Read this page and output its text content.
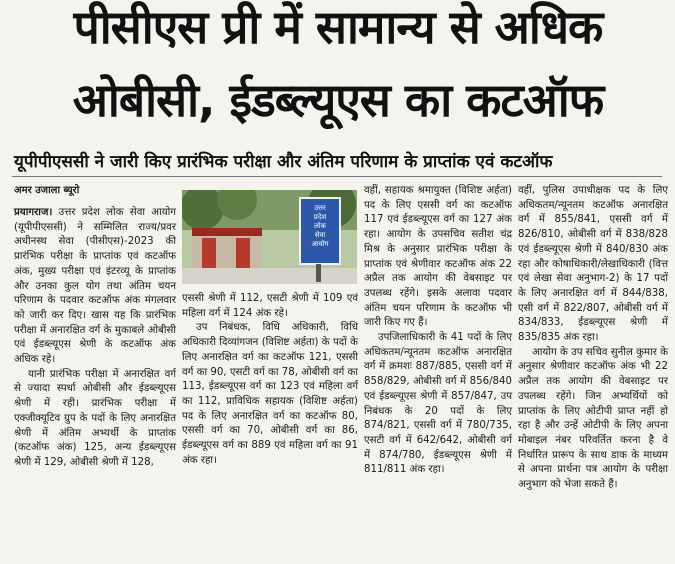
पीसीएस प्री में सामान्य से अधिक
ओबीसी, ईडब्ल्यूएस का कटऑफ
यूपीपीएससी ने जारी किए प्रारंभिक परीक्षा और अंतिम परिणाम के प्राप्तांक एवं कटऑफ
अमर उजाला ब्यूरो

प्रयागराज। उत्तर प्रदेश लोक सेवा आयोग (यूपीपीएससी) ने सम्मिलित राज्य/प्रवर अधीनस्थ सेवा (पीसीएस)-2023 की प्रारंभिक परीक्षा के प्राप्तांक एवं कटऑफ अंक, मुख्य परीक्षा एवं इंटरव्यू के प्राप्तांक और उनका कुल योग तथा अंतिम चयन परिणाम के पदवार कटऑफ अंक मंगलवार को जारी कर दिए। खास यह कि प्रारंभिक परीक्षा में अनारक्षित वर्ग के मुकाबले ओबीसी एवं ईडब्ल्यूएस श्रेणी के कटऑफ अंक अधिक रहे।

यानी प्रारंभिक परीक्षा में अनारक्षित वर्ग से ज्यादा स्पर्धा ओबीसी और ईडब्ल्यूएस श्रेणी में रही। प्रारंभिक परीक्षा में एक्जीक्यूटिव ग्रुप के पदों के लिए अनारक्षित श्रेणी में अंतिम अभ्यर्थी के प्राप्तांक (कटऑफ अंक) 125, अन्य ईडब्ल्यूएस श्रेणी में 129, ओबीसी श्रेणी में 128,

उत्तर
प्रदेश
लोक
सेवा
आयोग

एससी श्रेणी में 112, एसटी श्रेणी में 109 एवं महिला वर्ग में 124 अंक रहे।

उप निबंधक, विधि अधिकारी, विधि अधिकारी दिव्यांगजन (विशिष्ट अर्हता) के पदों के लिए अनारक्षित वर्ग का कटऑफ 121, एससी वर्ग का 90, एसटी वर्ग का 78, ओबीसी वर्ग का 113, ईडब्ल्यूएस वर्ग का 123 एवं महिला वर्ग का 112, प्राविधिक सहायक (विशिष्ट अर्हता) पद के लिए अनारक्षित वर्ग का कटऑफ 80, एससी वर्ग का 70, ओबीसी वर्ग का 86, ईडब्ल्यूएस वर्ग का 889 एवं महिला वर्ग का 91 अंक रहा।

वहीं, सहायक श्रमायुक्त (विशिष्ट अर्हता) पद के लिए एससी वर्ग का कटऑफ 117 एवं ईडब्ल्यूएस वर्ग का 127 अंक रहा। आयोग के उपसचिव सतीश चंद्र मिश्र के अनुसार प्रारंभिक परीक्षा के प्राप्तांक एवं श्रेणीवार कटऑफ अंक 22 अप्रैल तक आयोग की वेबसाइट पर उपलब्ध रहेंगे। इसके अलावा पदवार अंतिम चयन परिणाम के कटऑफ भी जारी किए गए हैं।

उपजिलाधिकारी के 41 पदों के लिए अधिकतम/न्यूनतम कटऑफ अनारक्षित वर्ग में क्रमशः 887/885, एससी वर्ग में 858/829, ओबीसी वर्ग में 856/840 एवं ईडब्ल्यूएस श्रेणी में 857/847, उप निबंधक के 20 पदों के लिए 874/821, एससी वर्ग में 780/735, एसटी वर्ग में 642/642, ओबीसी वर्ग में 874/780, ईडब्ल्यूएस श्रेणी में 811/811 अंक रहा।

वहीं, पुलिस उपाधीक्षक पद के लिए अधिकतम/न्यूनतम कटऑफ अनारक्षित वर्ग में 855/841, एससी वर्ग में 826/810, ओबीसी वर्ग में 838/828 एवं ईडब्ल्यूएस श्रेणी में 840/830 अंक रहा और कोषाधिकारी/लेखाधिकारी (वित्त एवं लेखा सेवा अनुभाग-2) के 17 पदों के लिए अनारक्षित वर्ग में 844/838, एसी वर्ग में 822/807, ओबीसी वर्ग में 834/833, ईडब्ल्यूएस श्रेणी में 835/835 अंक रहा।

आयोग के उप सचिव सुनील कुमार के अनुसार श्रेणीवार कटऑफ अंक भी 22 अप्रैल तक आयोग की वेबसाइट पर उपलब्ध रहेंगे। जिन अभ्यर्थियों को प्राप्तांक के लिए ओटीपी प्राप्त नहीं हो रहा है और उन्हें ओटीपी के लिए अपना मोबाइल नंबर परिवर्तित करना है वे निर्धारित प्रारूप के साथ डाक के माध्यम से अपना प्रार्थना पत्र आयोग के परीक्षा अनुभाग को भेजा सकते हैं।
